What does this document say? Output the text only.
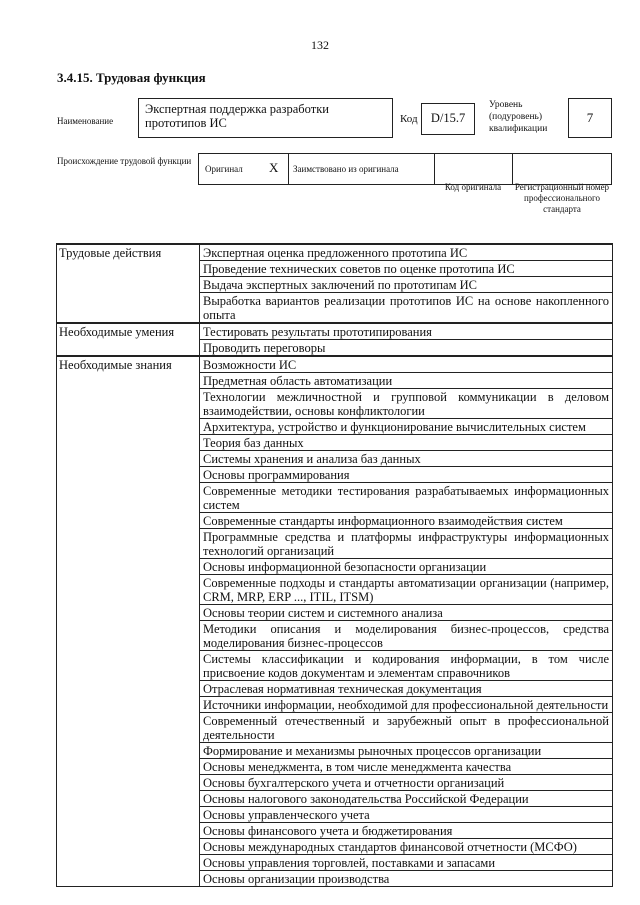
132
3.4.15. Трудовая функция
Наименование
Экспертная поддержка разработки прототипов ИС	Код	D/15.7
Уровень (подуровень) квалификации
7
Происхождение трудовой функции
Оригинал X Заимствовано из оригинала
Код оригинала	Регистрационный номер профессионального стандарта
Трудовые действия	Экспертная оценка предложенного прототипа ИС
	Проведение технических советов по оценке прототипа ИС
	Выдача экспертных заключений по прототипам ИС
	Выработка вариантов реализации прототипов ИС на основе накопленного опыта
Необходимые умения	Тестировать результаты прототипирования
	Проводить переговоры
Необходимые знания	Возможности ИС
	Предметная область автоматизации
	Технологии межличностной и групповой коммуникации в деловом взаимодействии, основы конфликтологии
	Архитектура, устройство и функционирование вычислительных систем
	Теория баз данных
	Системы хранения и анализа баз данных
	Основы программирования
	Современные методики тестирования разрабатываемых информационных систем
	Современные стандарты информационного взаимодействия систем
	Программные средства и платформы инфраструктуры информационных технологий организаций
	Основы информационной безопасности организации
	Современные подходы и стандарты автоматизации организации (например, CRM, MRP, ERP ..., ITIL, ITSM)
	Основы теории систем и системного анализа
	Методики описания и моделирования бизнес-процессов, средства моделирования бизнес-процессов
	Системы классификации и кодирования информации, в том числе присвоение кодов документам и элементам справочников
	Отраслевая нормативная техническая документация
	Источники информации, необходимой для профессиональной деятельности
	Современный отечественный и зарубежный опыт в профессиональной деятельности
	Формирование и механизмы рыночных процессов организации
	Основы менеджмента, в том числе менеджмента качества
	Основы бухгалтерского учета и отчетности организаций
	Основы налогового законодательства Российской Федерации
	Основы управленческого учета
	Основы финансового учета и бюджетирования
	Основы международных стандартов финансовой отчетности (МСФО)
	Основы управления торговлей, поставками и запасами
	Основы организации производства
